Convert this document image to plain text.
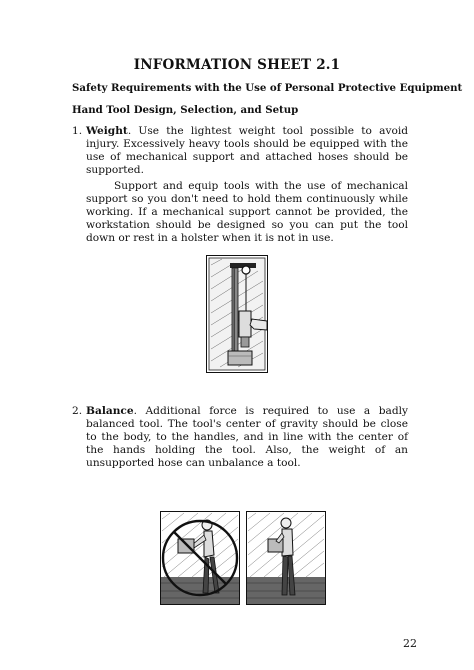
INFORMATION SHEET 2.1
Safety Requirements with the Use of Personal Protective Equipment
Hand Tool Design, Selection, and Setup
1. Weight. Use the lightest weight tool possible to avoid injury. Excessively heavy tools should be equipped with the use of mechanical support and attached hoses should be supported.
Support and equip tools with the use of mechanical support so you don't need to hold them continuously while working. If a mechanical support cannot be provided, the workstation should be designed so you can put the tool down or rest in a holster when it is not in use.
2. Balance. Additional force is required to use a badly balanced tool. The tool's center of gravity should be close to the body, to the handles, and in line with the center of the hands holding the tool. Also, the weight of an unsupported hose can unbalance a tool.
22
